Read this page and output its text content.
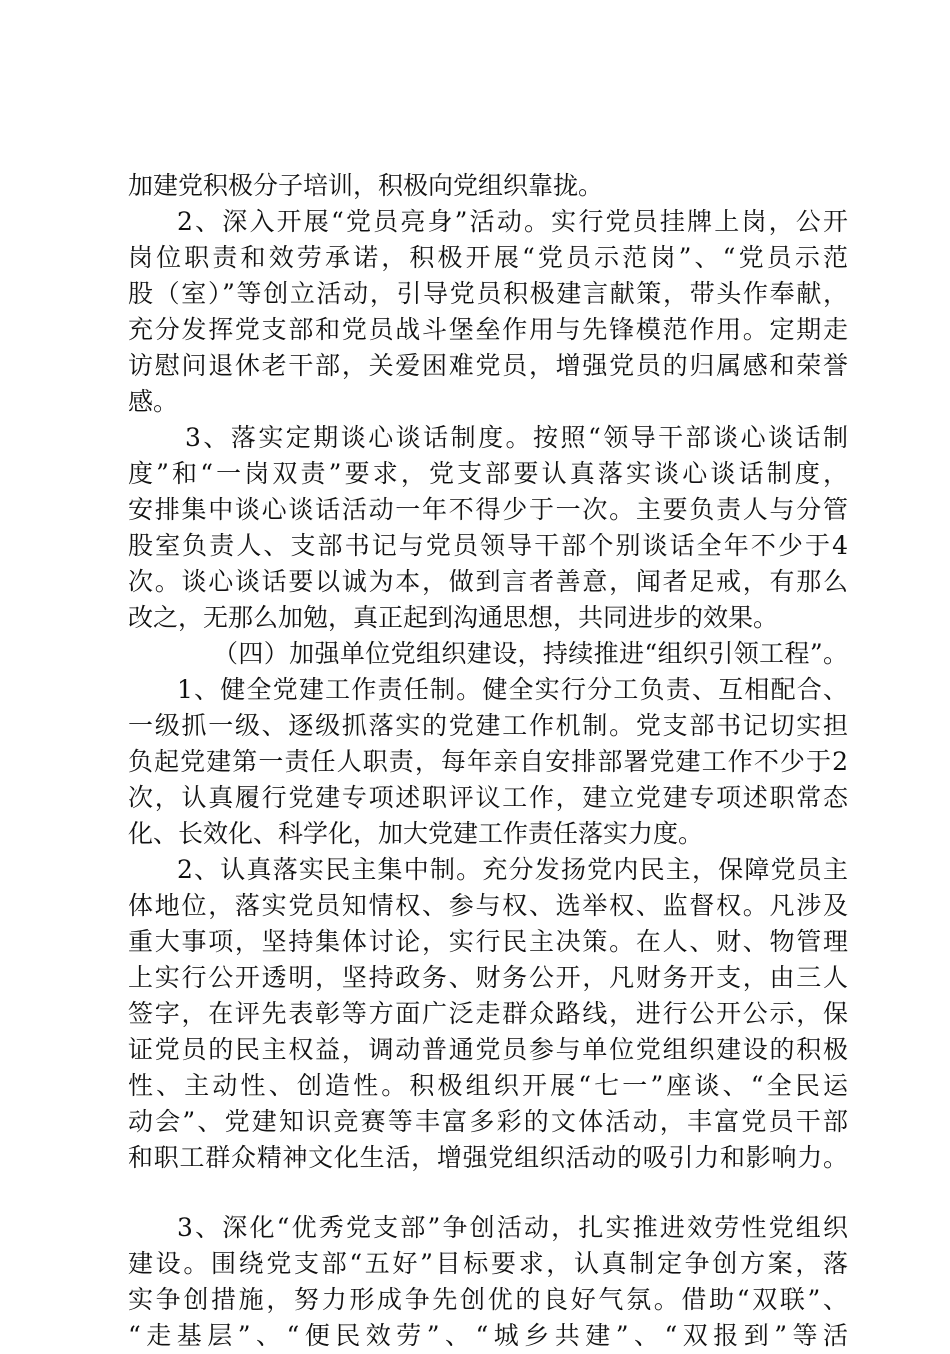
加建党积极分子培训，积极向党组织靠拢。
2、深入开展“党员亮身”活动。实行党员挂牌上岗，公开
岗位职责和效劳承诺，积极开展“党员示范岗”、“党员示范
股（室）”等创立活动，引导党员积极建言献策，带头作奉献，
充分发挥党支部和党员战斗堡垒作用与先锋模范作用。定期走
访慰问退休老干部，关爱困难党员，增强党员的归属感和荣誉
感。
3、落实定期谈心谈话制度。按照“领导干部谈心谈话制
度”和“一岗双责”要求，党支部要认真落实谈心谈话制度，
安排集中谈心谈话活动一年不得少于一次。主要负责人与分管
股室负责人、支部书记与党员领导干部个别谈话全年不少于4
次。谈心谈话要以诚为本，做到言者善意，闻者足戒，有那么
改之，无那么加勉，真正起到沟通思想，共同进步的效果。
（四）加强单位党组织建设，持续推进“组织引领工程”。
1、健全党建工作责任制。健全实行分工负责、互相配合、
一级抓一级、逐级抓落实的党建工作机制。党支部书记切实担
负起党建第一责任人职责，每年亲自安排部署党建工作不少于2
次，认真履行党建专项述职评议工作，建立党建专项述职常态
化、长效化、科学化，加大党建工作责任落实力度。
2、认真落实民主集中制。充分发扬党内民主，保障党员主
体地位，落实党员知情权、参与权、选举权、监督权。凡涉及
重大事项，坚持集体讨论，实行民主决策。在人、财、物管理
上实行公开透明，坚持政务、财务公开，凡财务开支，由三人
签字，在评先表彰等方面广泛走群众路线，进行公开公示，保
证党员的民主权益，调动普通党员参与单位党组织建设的积极
性、主动性、创造性。积极组织开展“七一”座谈、“全民运
动会”、党建知识竞赛等丰富多彩的文体活动，丰富党员干部
和职工群众精神文化生活，增强党组织活动的吸引力和影响力。
3、深化“优秀党支部”争创活动，扎实推进效劳性党组织
建设。围绕党支部“五好”目标要求，认真制定争创方案，落
实争创措施，努力形成争先创优的良好气氛。借助“双联”、
“走基层”、“便民效劳”、“城乡共建”、“双报到”等活
